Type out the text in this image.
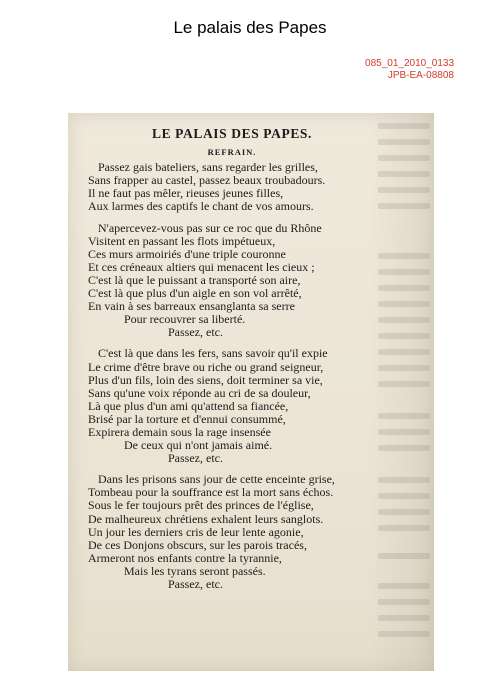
Le palais des Papes
085_01_2010_0133
JPB-EA-08808
LE PALAIS DES PAPES.
REFRAIN.
Passez gais bateliers, sans regarder les grilles,
Sans frapper au castel, passez beaux troubadours.
Il ne faut pas mêler, rieuses jeunes filles,
Aux larmes des captifs le chant de vos amours.
N'apercevez-vous pas sur ce roc que du Rhône
Visitent en passant les flots impétueux,
Ces murs armoiriés d'une triple couronne
Et ces créneaux altiers qui menacent les cieux ;
C'est là que le puissant a transporté son aire,
C'est là que plus d'un aigle en son vol arrêté,
En vain à ses barreaux ensanglanta sa serre
Pour recouvrer sa liberté.
Passez, etc.
C'est là que dans les fers, sans savoir qu'il expie
Le crime d'être brave ou riche ou grand seigneur,
Plus d'un fils, loin des siens, doit terminer sa vie,
Sans qu'une voix réponde au cri de sa douleur,
Là que plus d'un ami qu'attend sa fiancée,
Brisé par la torture et d'ennui consummé,
Expirera demain sous la rage insensée
De ceux qui n'ont jamais aimé.
Passez, etc.
Dans les prisons sans jour de cette enceinte grise,
Tombeau pour la souffrance est la mort sans échos.
Sous le fer toujours prêt des princes de l'église,
De malheureux chrétiens exhalent leurs sanglots.
Un jour les derniers cris de leur lente agonie,
De ces Donjons obscurs, sur les parois tracés,
Armeront nos enfants contre la tyrannie,
Mais les tyrans seront passés.
Passez, etc.
